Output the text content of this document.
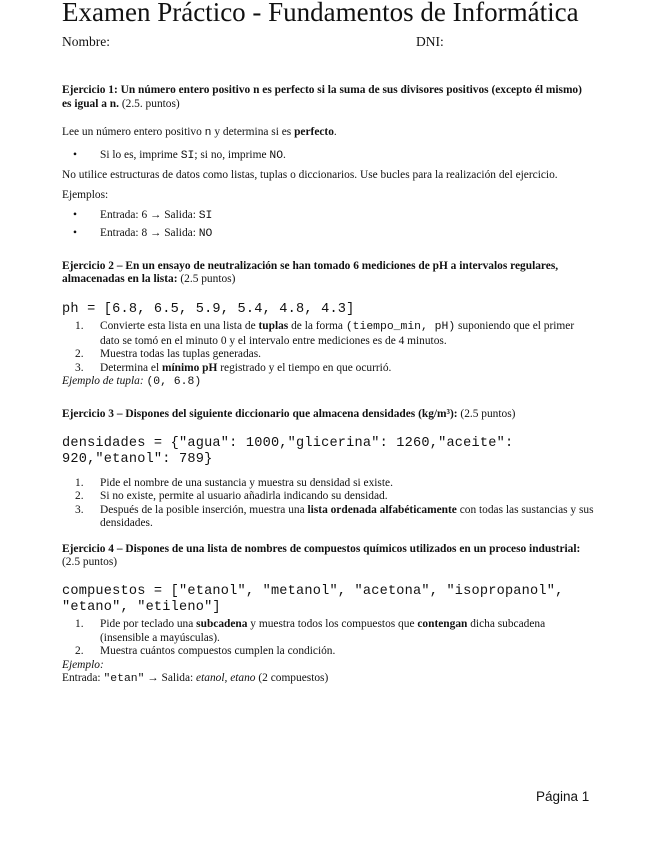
Examen Práctico - Fundamentos de Informática
Nombre:	DNI:

Ejercicio 1: Un número entero positivo n es perfecto si la suma de sus divisores positivos (excepto él mismo) es igual a n. (2.5. puntos)

Lee un número entero positivo n y determina si es perfecto.

• Si lo es, imprime SI; si no, imprime NO.

No utilice estructuras de datos como listas, tuplas o diccionarios. Use bucles para la realización del ejercicio.

Ejemplos:

• Entrada: 6 → Salida: SI

• Entrada: 8 → Salida: NO

Ejercicio 2 – En un ensayo de neutralización se han tomado 6 mediciones de pH a intervalos regulares, almacenadas en la lista: (2.5 puntos)

ph = [6.8, 6.5, 5.9, 5.4, 4.8, 4.3]

1. Convierte esta lista en una lista de tuplas de la forma (tiempo_min, pH) suponiendo que el primer dato se tomó en el minuto 0 y el intervalo entre mediciones es de 4 minutos.

2. Muestra todas las tuplas generadas.

3. Determina el mínimo pH registrado y el tiempo en que ocurrió.

Ejemplo de tupla: (0, 6.8)

Ejercicio 3 – Dispones del siguiente diccionario que almacena densidades (kg/m³): (2.5 puntos)

densidades = {"agua": 1000,"glicerina": 1260,"aceite": 920,"etanol": 789}

1. Pide el nombre de una sustancia y muestra su densidad si existe.

2. Si no existe, permite al usuario añadirla indicando su densidad.

3. Después de la posible inserción, muestra una lista ordenada alfabéticamente con todas las sustancias y sus densidades.

Ejercicio 4 – Dispones de una lista de nombres de compuestos químicos utilizados en un proceso industrial: (2.5 puntos)

compuestos = ["etanol", "metanol", "acetona", "isopropanol", "etano", "etileno"]

1. Pide por teclado una subcadena y muestra todos los compuestos que contengan dicha subcadena (insensible a mayúsculas).

2. Muestra cuántos compuestos cumplen la condición.

Ejemplo:

Entrada: "etan" → Salida: etanol, etano (2 compuestos)

Página 1
